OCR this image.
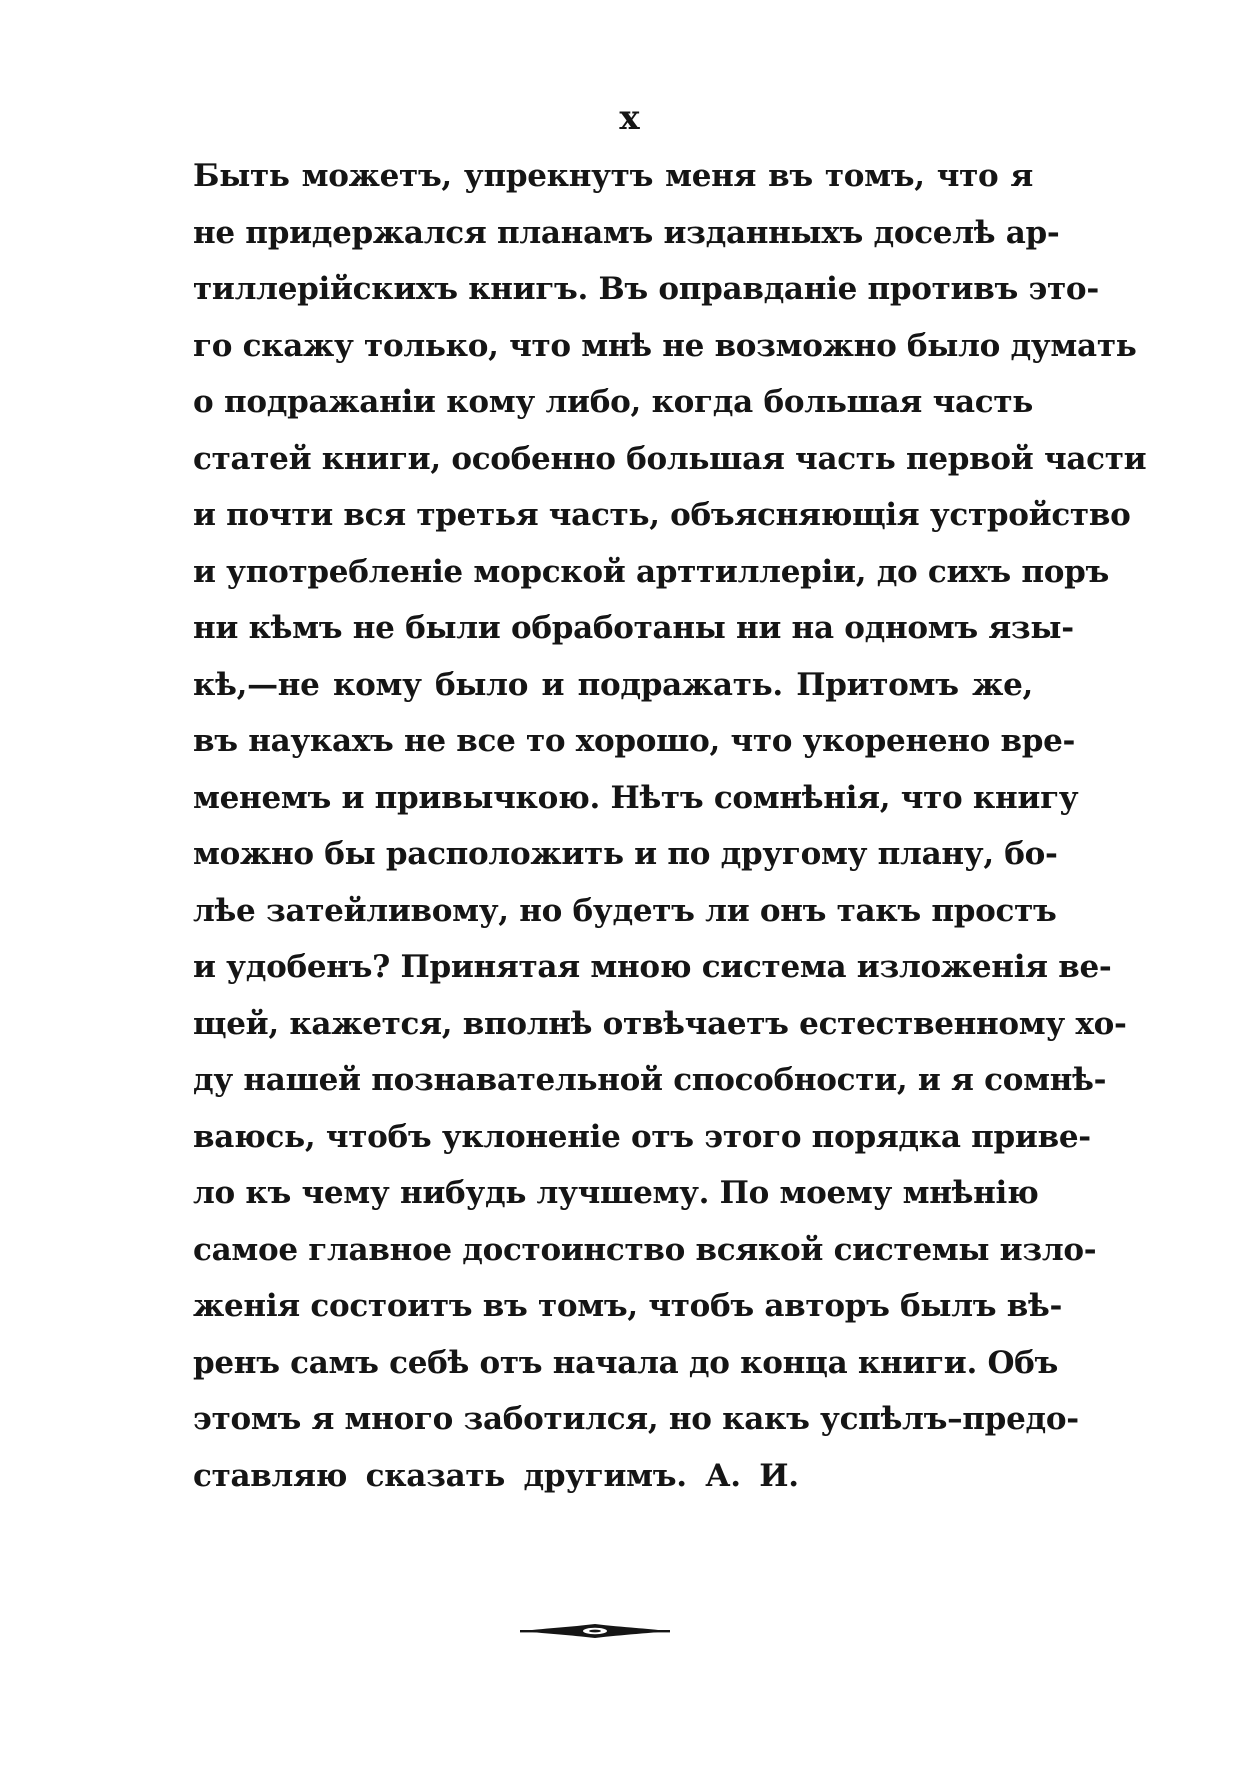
x
Быть можетъ, упрекнутъ меня въ томъ, что я
не придержался планамъ изданныхъ доселѣ ар-
тиллерійскихъ книгъ. Въ оправданіе противъ это-
го скажу только, что мнѣ не возможно было думать
о подражаніи кому либо, когда большая часть
статей книги, особенно большая часть первой части
и почти вся третья часть, объясняющія устройство
и употребленіе морской арттиллеріи, до сихъ поръ
ни кѣмъ не были обработаны ни на одномъ язы-
кѣ,—не кому было и подражать. Притомъ же,
въ наукахъ не все то хорошо, что укоренено вре-
менемъ и привычкою. Нѣтъ сомнѣнія, что книгу
можно бы расположить и по другому плану, бо-
лѣе затейливому, но будетъ ли онъ такъ простъ
и удобенъ? Принятая мною система изложенія ве-
щей, кажется, вполнѣ отвѣчаетъ естественному хо-
ду нашей познавательной способности, и я сомнѣ-
ваюсь, чтобъ уклоненіе отъ этого порядка приве-
ло къ чему нибудь лучшему. По моему мнѣнію
самое главное достоинство всякой системы изло-
женія состоитъ въ томъ, чтобъ авторъ былъ вѣ-
ренъ самъ себѣ отъ начала до конца книги. Объ
этомъ я много заботился, но какъ успѣлъ–предо-
ставляю сказать другимъ. А. И.
